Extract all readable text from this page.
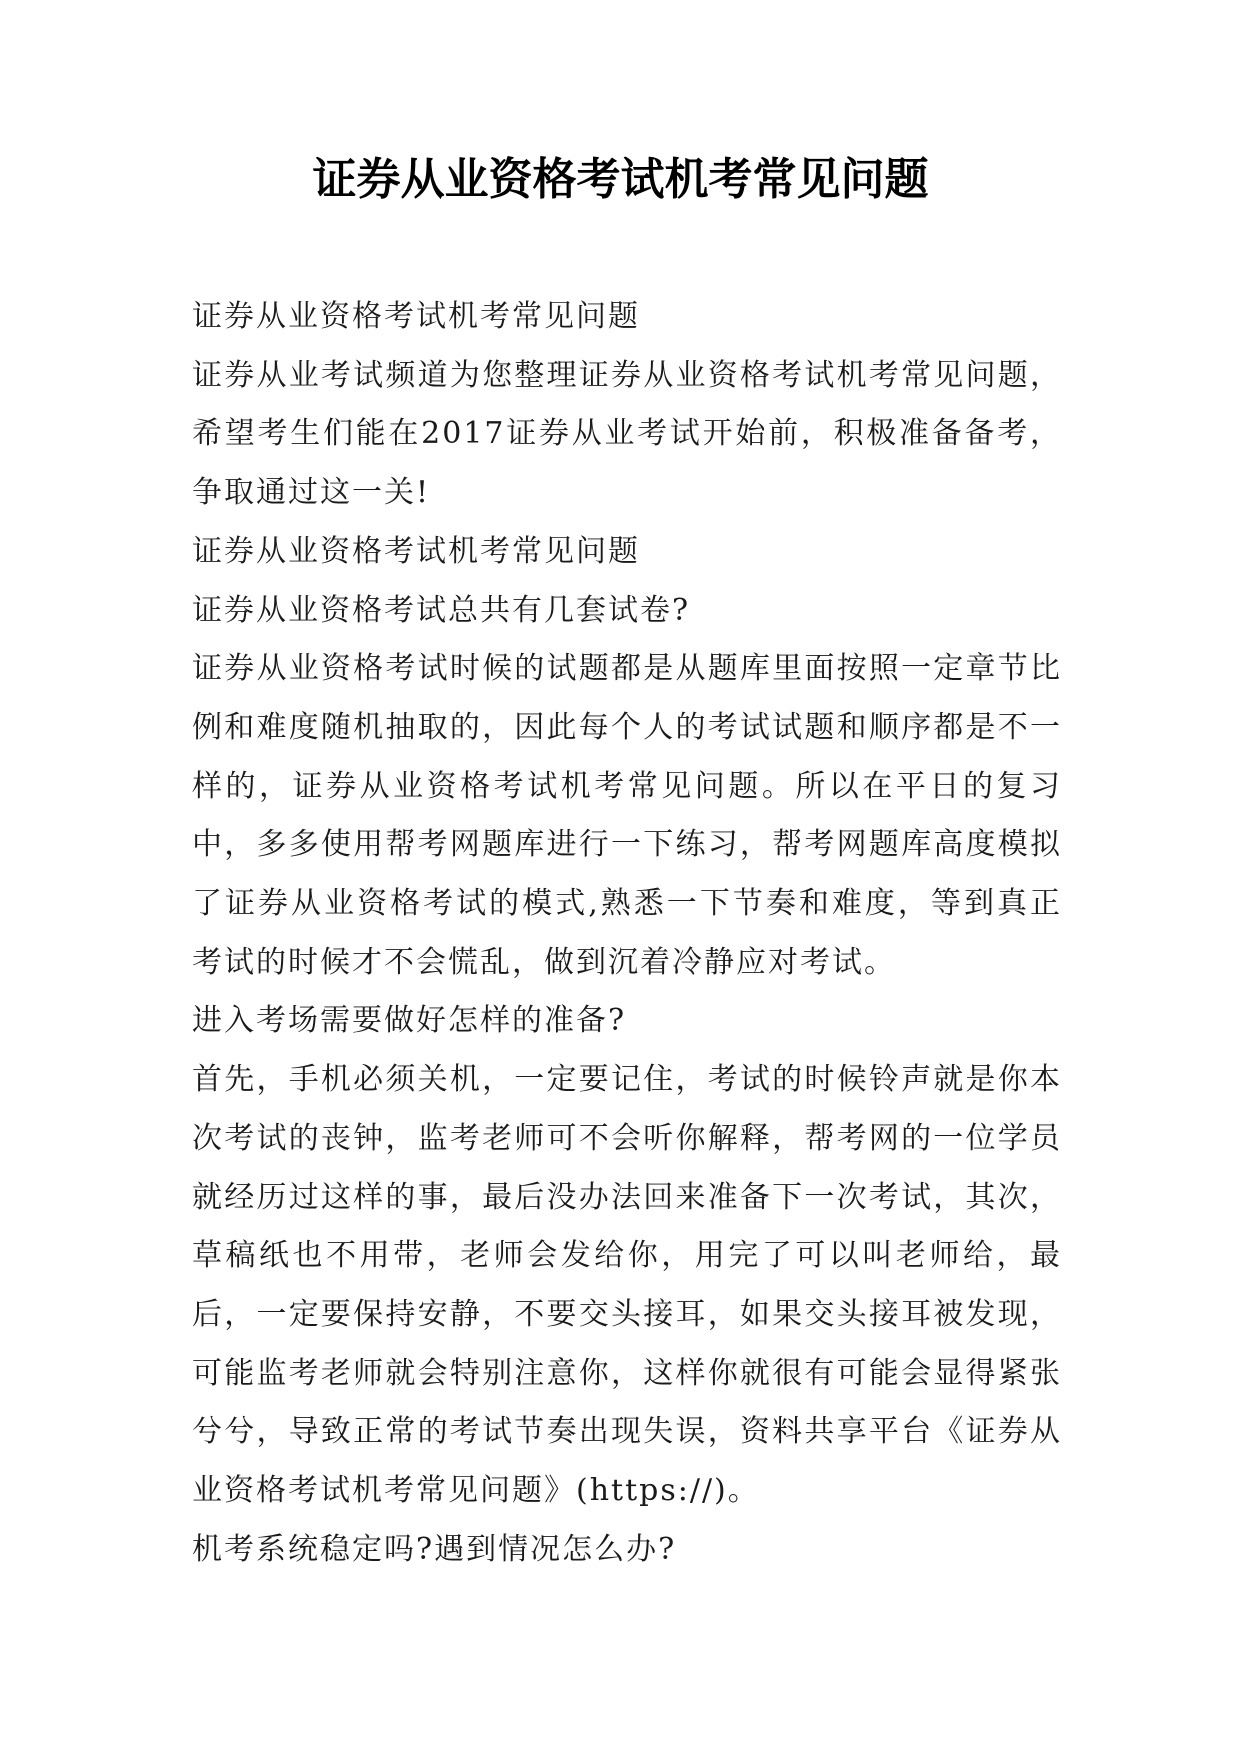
证券从业资格考试机考常见问题

证券从业资格考试机考常见问题

证券从业考试频道为您整理证券从业资格考试机考常见问题，希望考生们能在2017证券从业考试开始前，积极准备备考，争取通过这一关!

证券从业资格考试机考常见问题

证券从业资格考试总共有几套试卷?

证券从业资格考试时候的试题都是从题库里面按照一定章节比例和难度随机抽取的，因此每个人的考试试题和顺序都是不一样的，证券从业资格考试机考常见问题。所以在平日的复习中，多多使用帮考网题库进行一下练习，帮考网题库高度模拟了证券从业资格考试的模式,熟悉一下节奏和难度，等到真正考试的时候才不会慌乱，做到沉着冷静应对考试。

进入考场需要做好怎样的准备?

首先，手机必须关机，一定要记住，考试的时候铃声就是你本次考试的丧钟，监考老师可不会听你解释，帮考网的一位学员就经历过这样的事，最后没办法回来准备下一次考试，其次，草稿纸也不用带，老师会发给你，用完了可以叫老师给，最后，一定要保持安静，不要交头接耳，如果交头接耳被发现，可能监考老师就会特别注意你，这样你就很有可能会显得紧张兮兮，导致正常的考试节奏出现失误，资料共享平台《证券从业资格考试机考常见问题》(https://)。

机考系统稳定吗?遇到情况怎么办?
